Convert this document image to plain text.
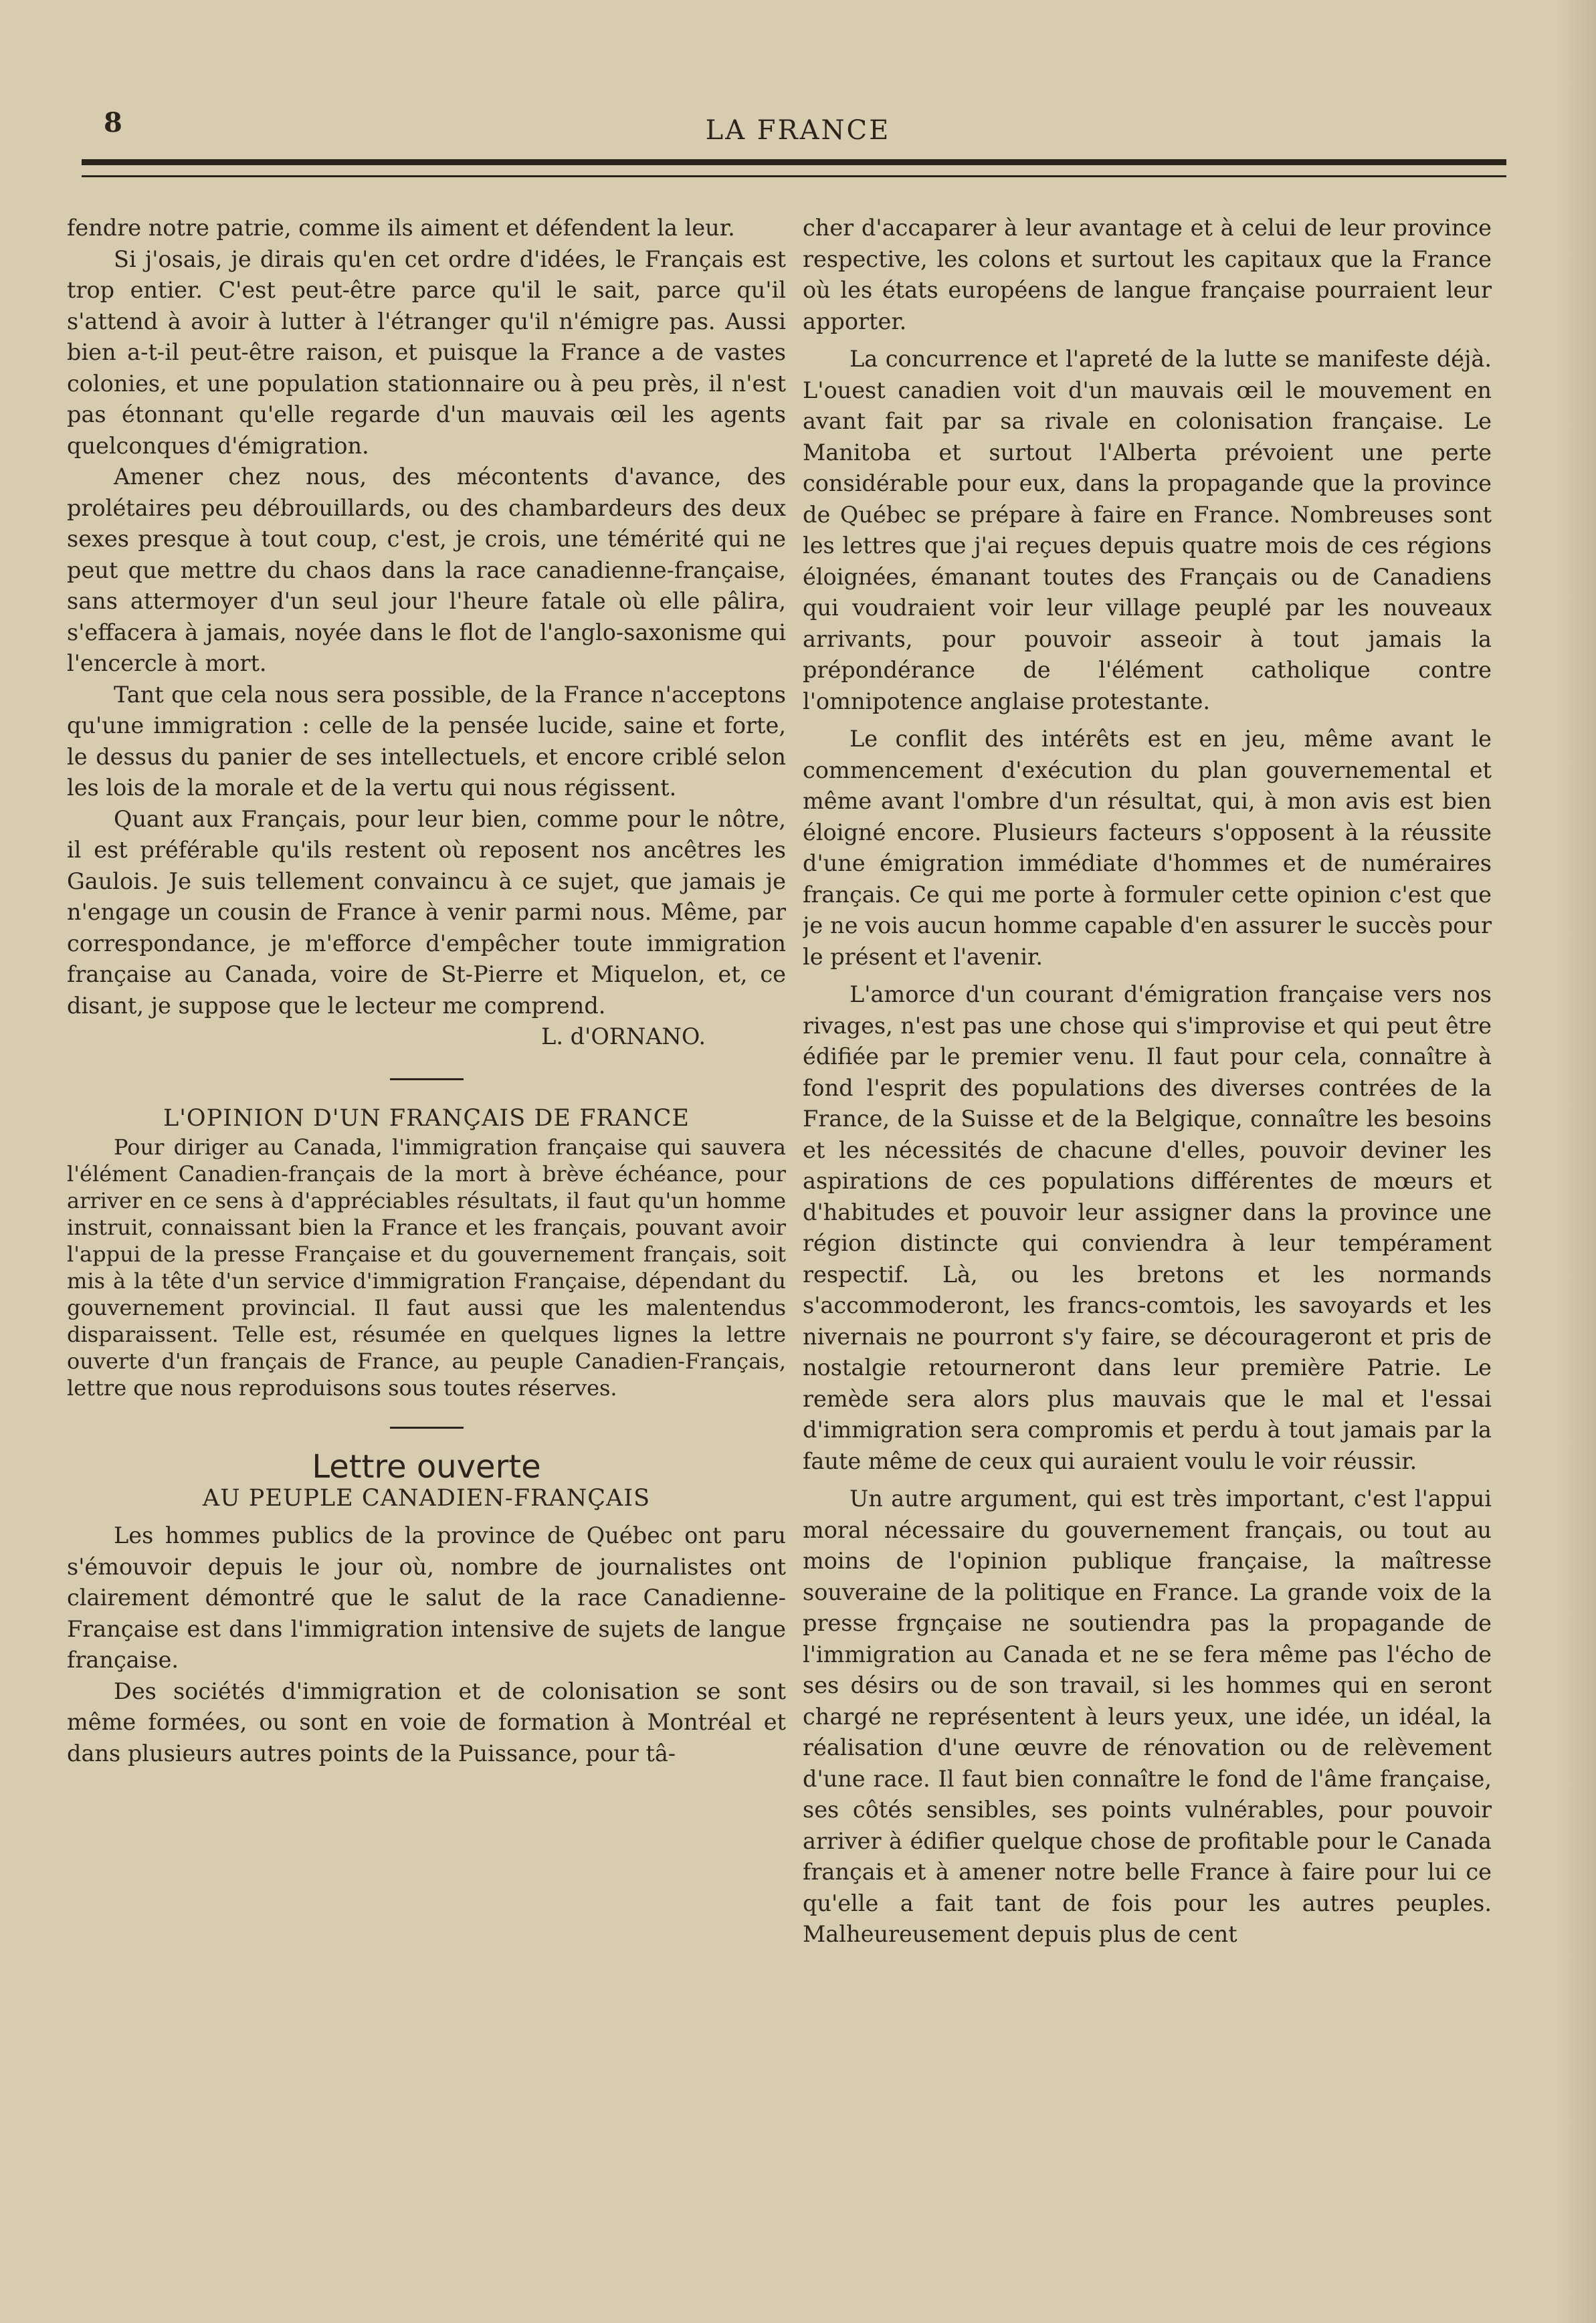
8	LA FRANCE

fendre notre patrie, comme ils aiment et défendent la leur.

Si j'osais, je dirais qu'en cet ordre d'idées, le Français est trop entier. C'est peut-être parce qu'il le sait, parce qu'il s'attend à avoir à lutter à l'étranger qu'il n'émigre pas. Aussi bien a-t-il peut-être raison, et puisque la France a de vastes colonies, et une population stationnaire ou à peu près, il n'est pas étonnant qu'elle regarde d'un mauvais œil les agents quelconques d'émigration.

Amener chez nous, des mécontents d'avance, des prolétaires peu débrouillards, ou des chambardeurs des deux sexes presque à tout coup, c'est, je crois, une témérité qui ne peut que mettre du chaos dans la race canadienne-française, sans attermoyer d'un seul jour l'heure fatale où elle pâlira, s'effacera à jamais, noyée dans le flot de l'anglo-saxonisme qui l'encercle à mort.

Tant que cela nous sera possible, de la France n'acceptons qu'une immigration : celle de la pensée lucide, saine et forte, le dessus du panier de ses intellectuels, et encore criblé selon les lois de la morale et de la vertu qui nous régissent.

Quant aux Français, pour leur bien, comme pour le nôtre, il est préférable qu'ils restent où reposent nos ancêtres les Gaulois. Je suis tellement convaincu à ce sujet, que jamais je n'engage un cousin de France à venir parmi nous. Même, par correspondance, je m'efforce d'empêcher toute immigration française au Canada, voire de St-Pierre et Miquelon, et, ce disant, je suppose que le lecteur me comprend.

L. d'ORNANO.

L'OPINION D'UN FRANÇAIS DE FRANCE

Pour diriger au Canada, l'immigration française qui sauvera l'élément Canadien-français de la mort à brève échéance, pour arriver en ce sens à d'appréciables résultats, il faut qu'un homme instruit, connaissant bien la France et les français, pouvant avoir l'appui de la presse Française et du gouvernement français, soit mis à la tête d'un service d'immigration Française, dépendant du gouvernement provincial. Il faut aussi que les malentendus disparaissent. Telle est, résumée en quelques lignes la lettre ouverte d'un français de France, au peuple Canadien-Français, lettre que nous reproduisons sous toutes réserves.

Lettre ouverte

AU PEUPLE CANADIEN-FRANÇAIS

Les hommes publics de la province de Québec ont paru s'émouvoir depuis le jour où, nombre de journalistes ont clairement démontré que le salut de la race Canadienne-Française est dans l'immigration intensive de sujets de langue française.

Des sociétés d'immigration et de colonisation se sont même formées, ou sont en voie de formation à Montréal et dans plusieurs autres points de la Puissance, pour tâ-

cher d'accaparer à leur avantage et à celui de leur province respective, les colons et surtout les capitaux que la France où les états européens de langue française pourraient leur apporter.

La concurrence et l'apreté de la lutte se manifeste déjà. L'ouest canadien voit d'un mauvais œil le mouvement en avant fait par sa rivale en colonisation française. Le Manitoba et surtout l'Alberta prévoient une perte considérable pour eux, dans la propagande que la province de Québec se prépare à faire en France. Nombreuses sont les lettres que j'ai reçues depuis quatre mois de ces régions éloignées, émanant toutes des Français ou de Canadiens qui voudraient voir leur village peuplé par les nouveaux arrivants, pour pouvoir asseoir à tout jamais la prépondérance de l'élément catholique contre l'omnipotence anglaise protestante.

Le conflit des intérêts est en jeu, même avant le commencement d'exécution du plan gouvernemental et même avant l'ombre d'un résultat, qui, à mon avis est bien éloigné encore. Plusieurs facteurs s'opposent à la réussite d'une émigration immédiate d'hommes et de numéraires français. Ce qui me porte à formuler cette opinion c'est que je ne vois aucun homme capable d'en assurer le succès pour le présent et l'avenir.

L'amorce d'un courant d'émigration française vers nos rivages, n'est pas une chose qui s'improvise et qui peut être édifiée par le premier venu. Il faut pour cela, connaître à fond l'esprit des populations des diverses contrées de la France, de la Suisse et de la Belgique, connaître les besoins et les nécessités de chacune d'elles, pouvoir deviner les aspirations de ces populations différentes de mœurs et d'habitudes et pouvoir leur assigner dans la province une région distincte qui conviendra à leur tempérament respectif. Là, ou les bretons et les normands s'accommoderont, les francs-comtois, les savoyards et les nivernais ne pourront s'y faire, se décourageront et pris de nostalgie retourneront dans leur première Patrie. Le remède sera alors plus mauvais que le mal et l'essai d'immigration sera compromis et perdu à tout jamais par la faute même de ceux qui auraient voulu le voir réussir.

Un autre argument, qui est très important, c'est l'appui moral nécessaire du gouvernement français, ou tout au moins de l'opinion publique française, la maîtresse souveraine de la politique en France. La grande voix de la presse frgnçaise ne soutiendra pas la propagande de l'immigration au Canada et ne se fera même pas l'écho de ses désirs ou de son travail, si les hommes qui en seront chargé ne représentent à leurs yeux, une idée, un idéal, la réalisation d'une œuvre de rénovation ou de relèvement d'une race. Il faut bien connaître le fond de l'âme française, ses côtés sensibles, ses points vulnérables, pour pouvoir arriver à édifier quelque chose de profitable pour le Canada français et à amener notre belle France à faire pour lui ce qu'elle a fait tant de fois pour les autres peuples. Malheureusement depuis plus de cent
